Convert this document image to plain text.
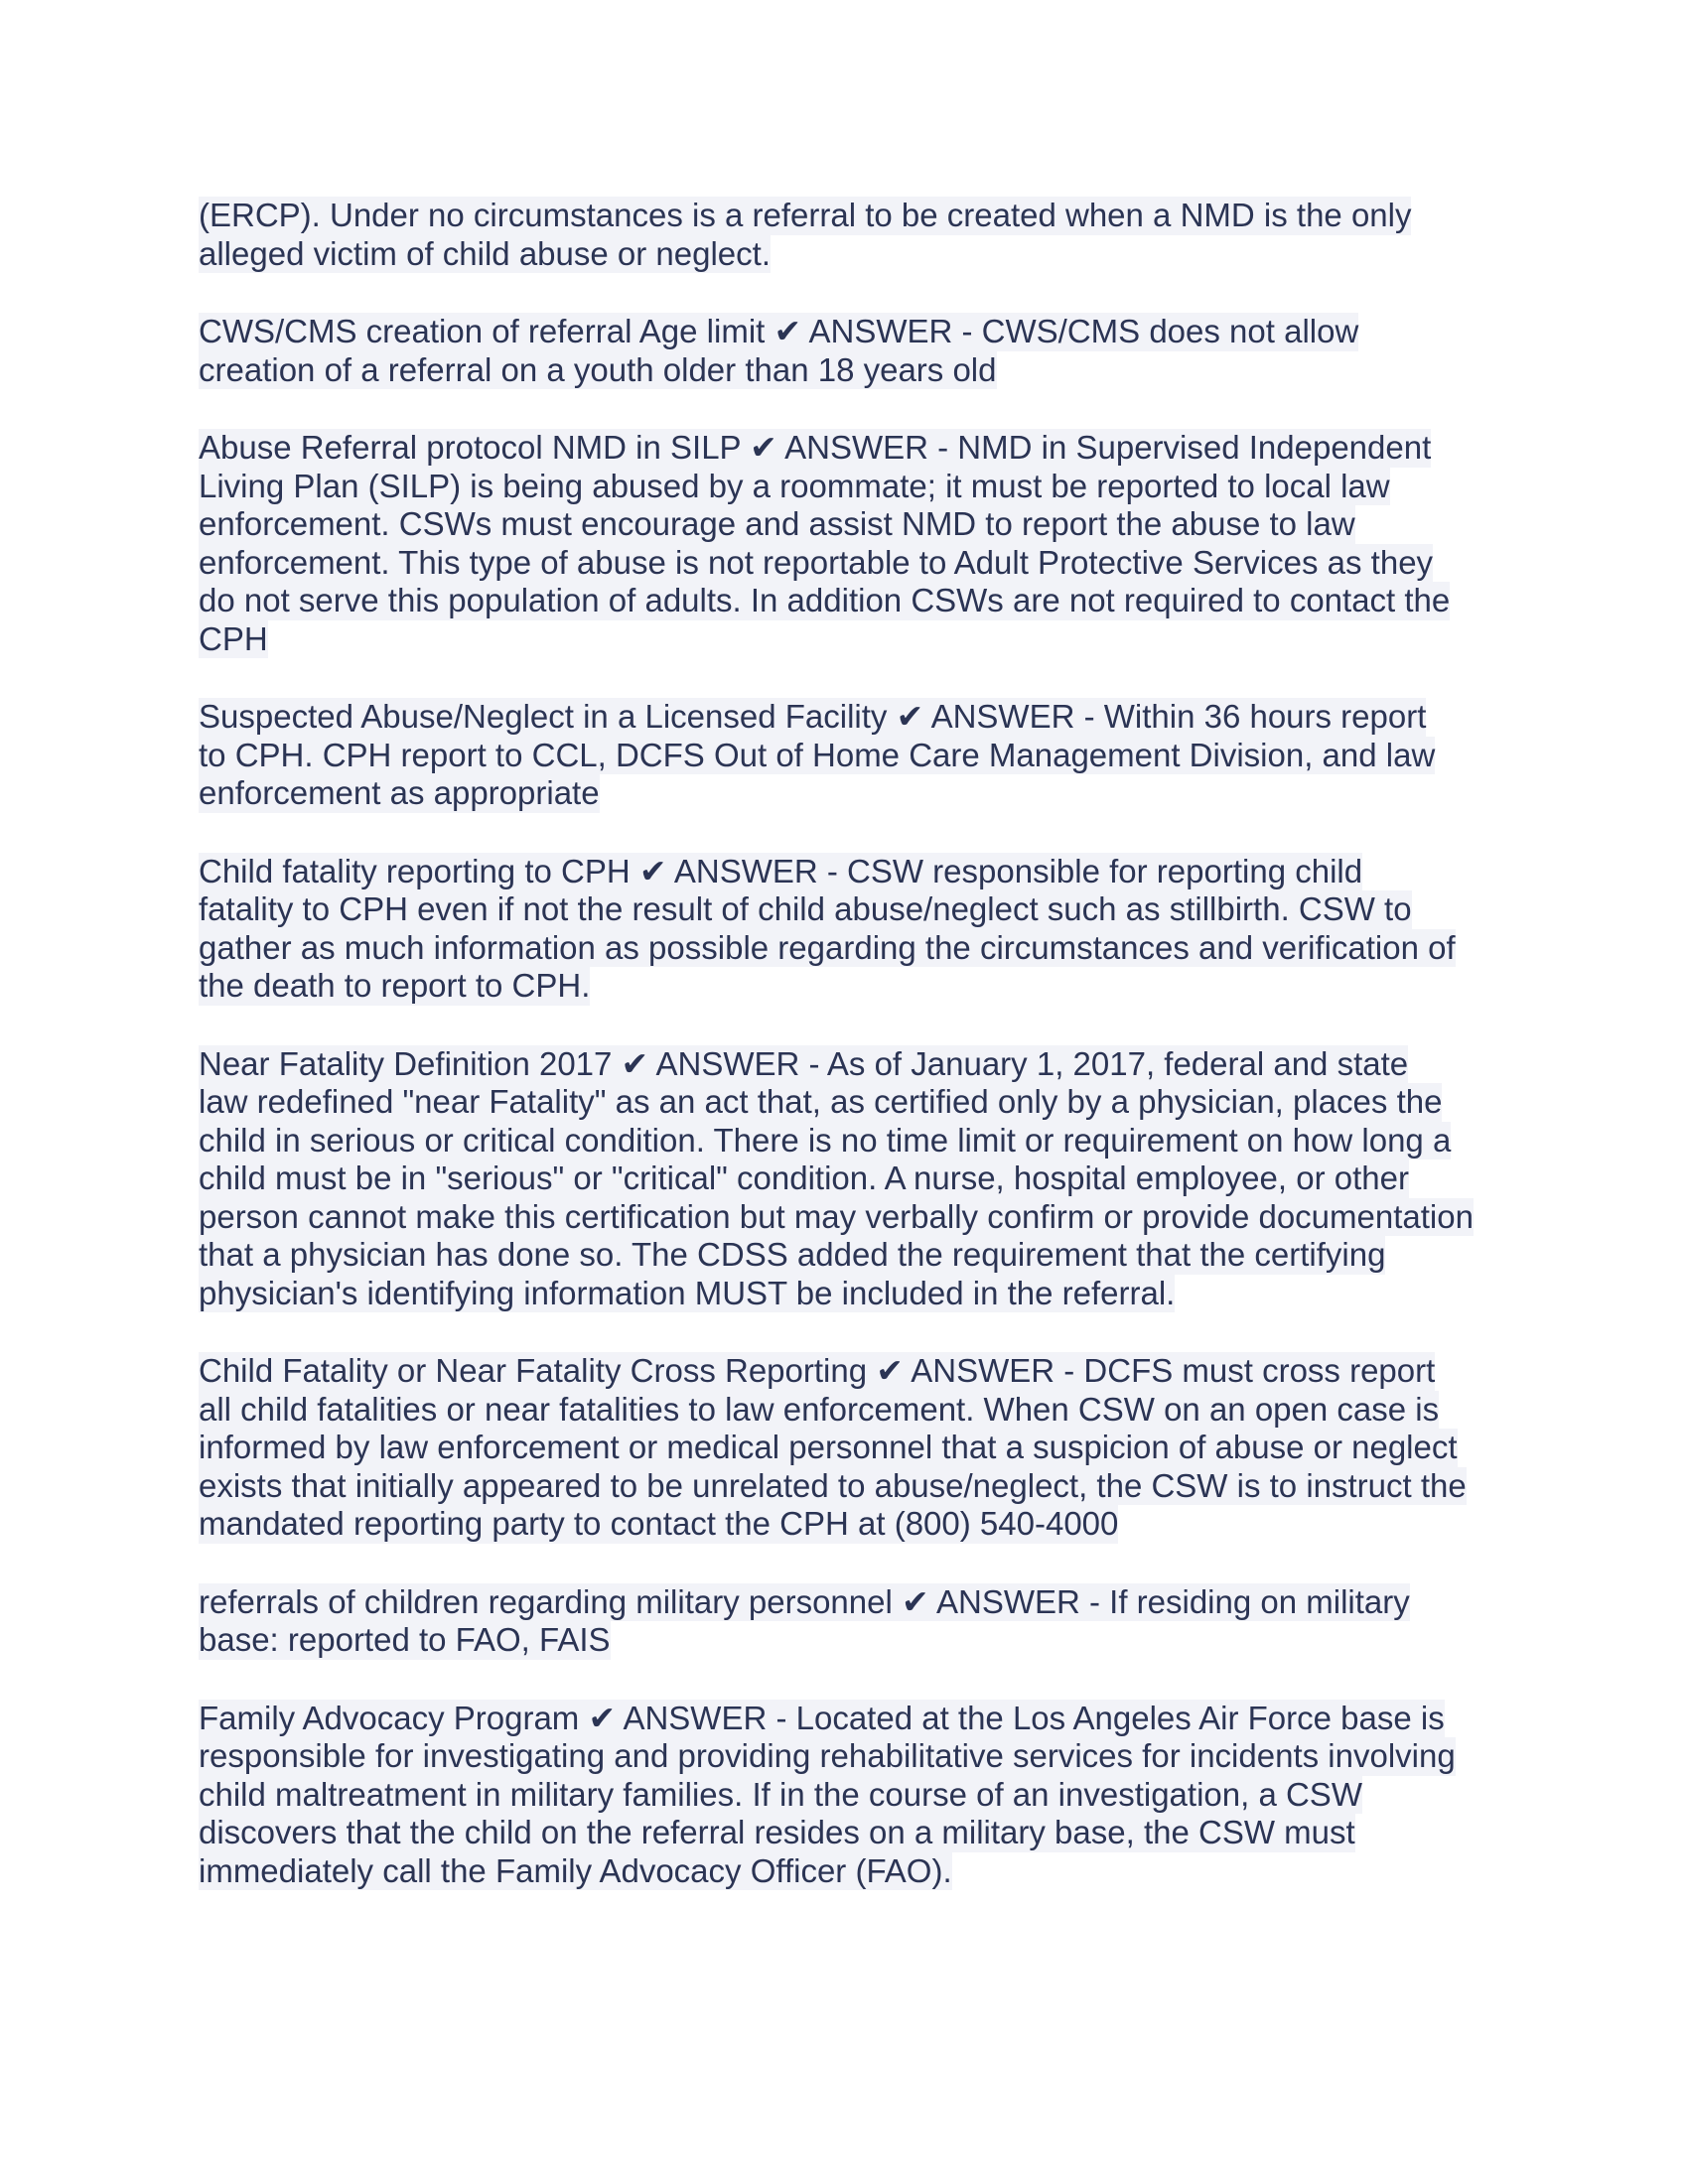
(ERCP). Under no circumstances is a referral to be created when a NMD is the only
alleged victim of child abuse or neglect.
CWS/CMS creation of referral Age limit ✔ ANSWER - CWS/CMS does not allow
creation of a referral on a youth older than 18 years old
Abuse Referral protocol NMD in SILP ✔ ANSWER - NMD in Supervised Independent
Living Plan (SILP) is being abused by a roommate; it must be reported to local law
enforcement. CSWs must encourage and assist NMD to report the abuse to law
enforcement. This type of abuse is not reportable to Adult Protective Services as they
do not serve this population of adults. In addition CSWs are not required to contact the
CPH
Suspected Abuse/Neglect in a Licensed Facility ✔ ANSWER - Within 36 hours report
to CPH. CPH report to CCL, DCFS Out of Home Care Management Division, and law
enforcement as appropriate
Child fatality reporting to CPH ✔ ANSWER - CSW responsible for reporting child
fatality to CPH even if not the result of child abuse/neglect such as stillbirth. CSW to
gather as much information as possible regarding the circumstances and verification of
the death to report to CPH.
Near Fatality Definition 2017 ✔ ANSWER - As of January 1, 2017, federal and state
law redefined "near Fatality" as an act that, as certified only by a physician, places the
child in serious or critical condition. There is no time limit or requirement on how long a
child must be in "serious" or "critical" condition. A nurse, hospital employee, or other
person cannot make this certification but may verbally confirm or provide documentation
that a physician has done so. The CDSS added the requirement that the certifying
physician's identifying information MUST be included in the referral.
Child Fatality or Near Fatality Cross Reporting ✔ ANSWER - DCFS must cross report
all child fatalities or near fatalities to law enforcement. When CSW on an open case is
informed by law enforcement or medical personnel that a suspicion of abuse or neglect
exists that initially appeared to be unrelated to abuse/neglect, the CSW is to instruct the
mandated reporting party to contact the CPH at (800) 540-4000
referrals of children regarding military personnel ✔ ANSWER - If residing on military
base: reported to FAO, FAIS
Family Advocacy Program ✔ ANSWER - Located at the Los Angeles Air Force base is
responsible for investigating and providing rehabilitative services for incidents involving
child maltreatment in military families. If in the course of an investigation, a CSW
discovers that the child on the referral resides on a military base, the CSW must
immediately call the Family Advocacy Officer (FAO).
